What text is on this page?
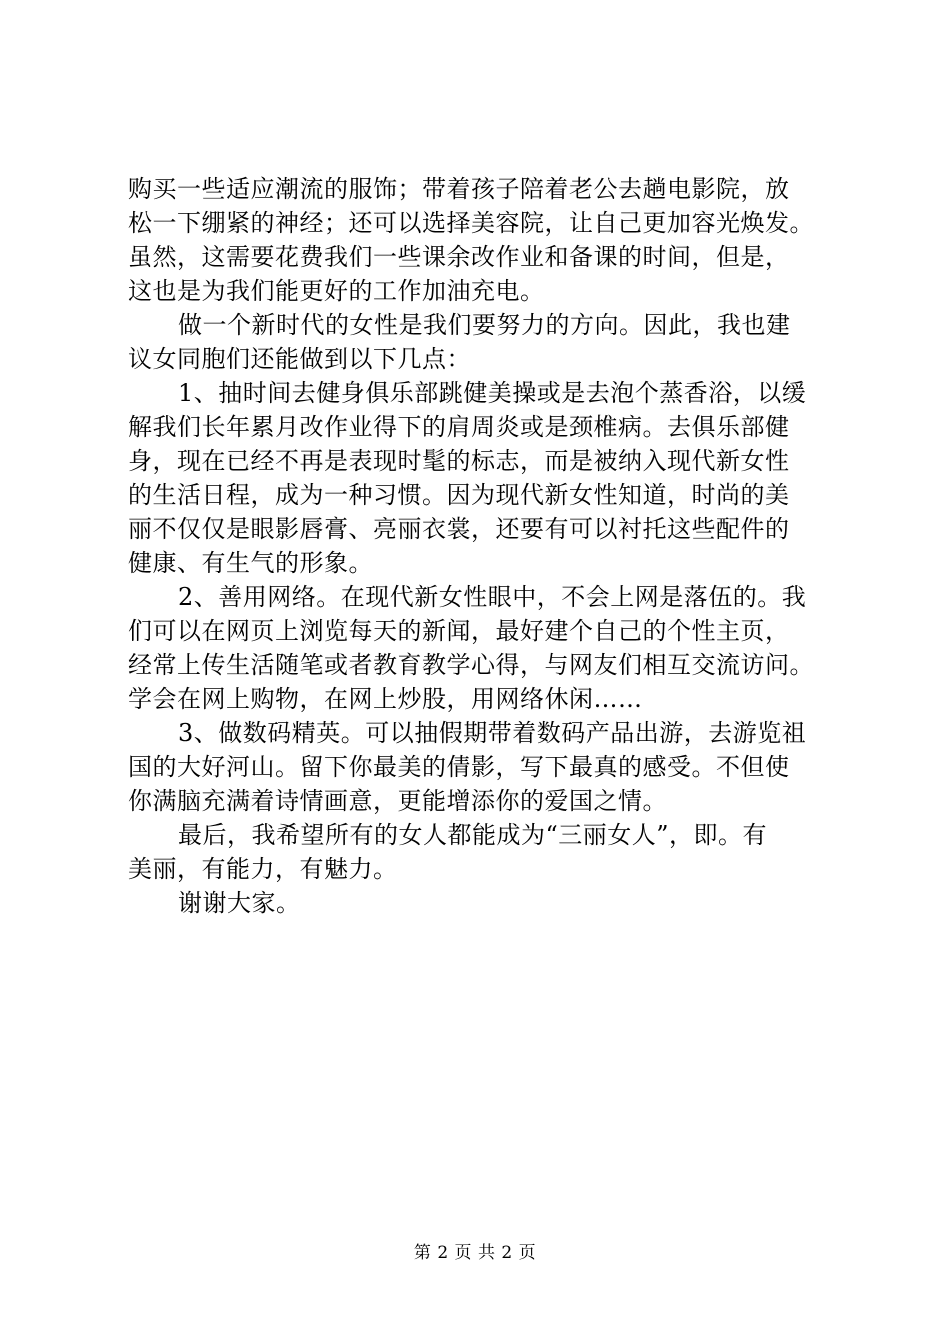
购买一些适应潮流的服饰；带着孩子陪着老公去趟电影院，放
松一下绷紧的神经；还可以选择美容院，让自己更加容光焕发。
虽然，这需要花费我们一些课余改作业和备课的时间，但是，
这也是为我们能更好的工作加油充电。
做一个新时代的女性是我们要努力的方向。因此，我也建
议女同胞们还能做到以下几点：
1、抽时间去健身俱乐部跳健美操或是去泡个蒸香浴，以缓
解我们长年累月改作业得下的肩周炎或是颈椎病。去俱乐部健
身，现在已经不再是表现时髦的标志，而是被纳入现代新女性
的生活日程，成为一种习惯。因为现代新女性知道，时尚的美
丽不仅仅是眼影唇膏、亮丽衣裳，还要有可以衬托这些配件的
健康、有生气的形象。
2、善用网络。在现代新女性眼中，不会上网是落伍的。我
们可以在网页上浏览每天的新闻，最好建个自己的个性主页，
经常上传生活随笔或者教育教学心得，与网友们相互交流访问。
学会在网上购物，在网上炒股，用网络休闲……
3、做数码精英。可以抽假期带着数码产品出游，去游览祖
国的大好河山。留下你最美的倩影，写下最真的感受。不但使
你满脑充满着诗情画意，更能增添你的爱国之情。
最后，我希望所有的女人都能成为“三丽女人”，即。有
美丽，有能力，有魅力。
谢谢大家。
第 2 页 共 2 页
